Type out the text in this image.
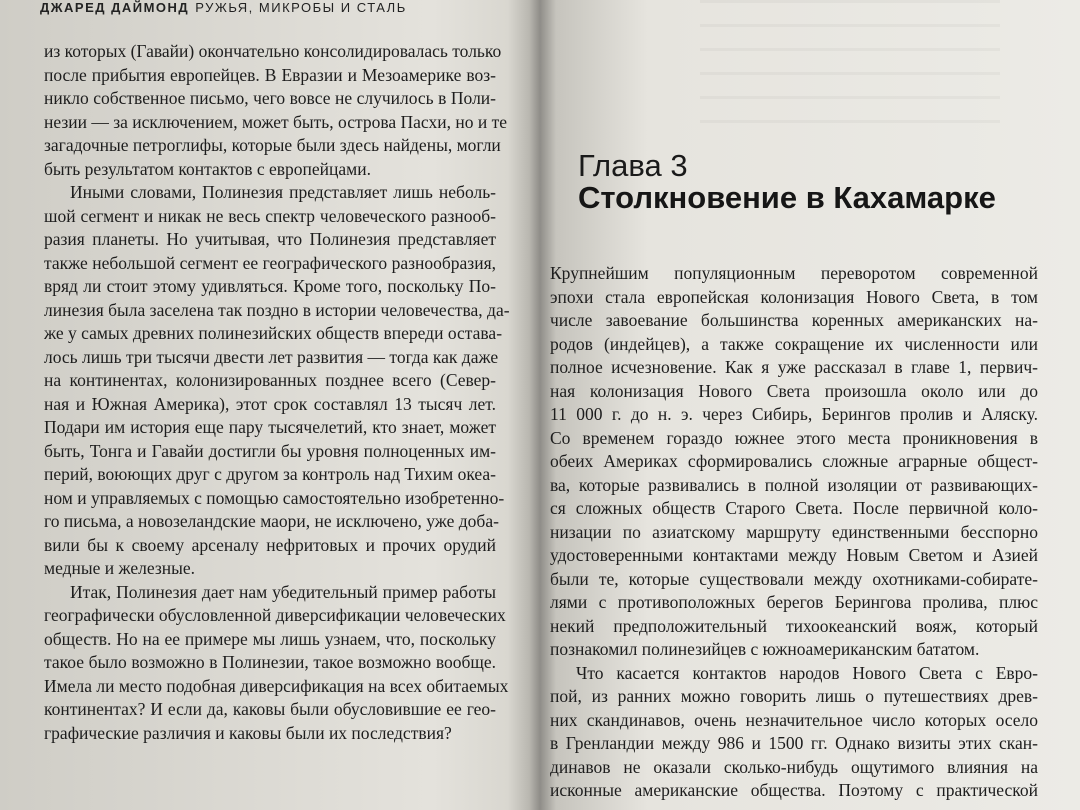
ДЖАРЕД ДАЙМОНД РУЖЬЯ, МИКРОБЫ И СТАЛЬ
из которых (Гавайи) окончательно консолидировалась только
после прибытия европейцев. В Евразии и Мезоамерике воз-
никло собственное письмо, чего вовсе не случилось в Поли-
незии — за исключением, может быть, острова Пасхи, но и те
загадочные петроглифы, которые были здесь найдены, могли
быть результатом контактов с европейцами.
Иными словами, Полинезия представляет лишь неболь-
шой сегмент и никак не весь спектр человеческого разнооб-
разия планеты. Но учитывая, что Полинезия представляет
также небольшой сегмент ее географического разнообразия,
вряд ли стоит этому удивляться. Кроме того, поскольку По-
линезия была заселена так поздно в истории человечества, да-
же у самых древних полинезийских обществ впереди остава-
лось лишь три тысячи двести лет развития — тогда как даже
на континентах, колонизированных позднее всего (Север-
ная и Южная Америка), этот срок составлял 13 тысяч лет.
Подари им история еще пару тысячелетий, кто знает, может
быть, Тонга и Гавайи достигли бы уровня полноценных им-
перий, воюющих друг с другом за контроль над Тихим океа-
ном и управляемых с помощью самостоятельно изобретенно-
го письма, а новозеландские маори, не исключено, уже доба-
вили бы к своему арсеналу нефритовых и прочих орудий
медные и железные.
Итак, Полинезия дает нам убедительный пример работы
географически обусловленной диверсификации человеческих
обществ. Но на ее примере мы лишь узнаем, что, поскольку
такое было возможно в Полинезии, такое возможно вообще.
Имела ли место подобная диверсификация на всех обитаемых
континентах? И если да, каковы были обусловившие ее гео-
графические различия и каковы были их последствия?
Глава 3
Столкновение в Кахамарке
Крупнейшим популяционным переворотом современной
эпохи стала европейская колонизация Нового Света, в том
числе завоевание большинства коренных американских на-
родов (индейцев), а также сокращение их численности или
полное исчезновение. Как я уже рассказал в главе 1, первич-
ная колонизация Нового Света произошла около или до
11 000 г. до н. э. через Сибирь, Берингов пролив и Аляску.
Со временем гораздо южнее этого места проникновения в
обеих Америках сформировались сложные аграрные общест-
ва, которые развивались в полной изоляции от развивающих-
ся сложных обществ Старого Света. После первичной коло-
низации по азиатскому маршруту единственными бесспорно
удостоверенными контактами между Новым Светом и Азией
были те, которые существовали между охотниками-собирате-
лями с противоположных берегов Берингова пролива, плюс
некий предположительный тихоокеанский вояж, который
познакомил полинезийцев с южноамериканским бататом.
Что касается контактов народов Нового Света с Евро-
пой, из ранних можно говорить лишь о путешествиях древ-
них скандинавов, очень незначительное число которых осело
в Гренландии между 986 и 1500 гг. Однако визиты этих скан-
динавов не оказали сколько-нибудь ощутимого влияния на
исконные американские общества. Поэтому с практической
